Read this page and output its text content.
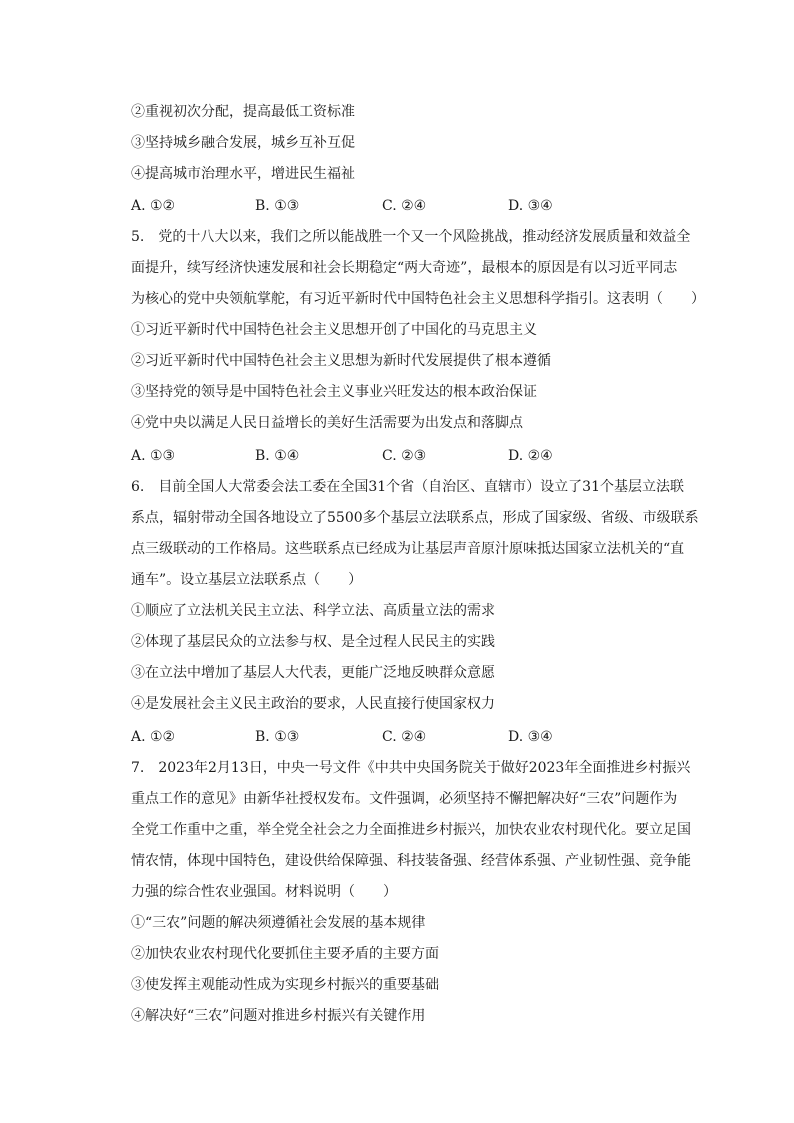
②重视初次分配，提高最低工资标准
③坚持城乡融合发展，城乡互补互促
④提高城市治理水平，增进民生福祉
A. ①②	B. ①③	C. ②④	D. ③④
5.　党的十八大以来，我们之所以能战胜一个又一个风险挑战，推动经济发展质量和效益全
面提升，续写经济快速发展和社会长期稳定“两大奇迹”，最根本的原因是有以习近平同志
为核心的党中央领航掌舵，有习近平新时代中国特色社会主义思想科学指引。这表明（　　）
①习近平新时代中国特色社会主义思想开创了中国化的马克思主义
②习近平新时代中国特色社会主义思想为新时代发展提供了根本遵循
③坚持党的领导是中国特色社会主义事业兴旺发达的根本政治保证
④党中央以满足人民日益增长的美好生活需要为出发点和落脚点
A. ①③	B. ①④	C. ②③	D. ②④
6.　目前全国人大常委会法工委在全国31个省（自治区、直辖市）设立了31个基层立法联
系点，辐射带动全国各地设立了5500多个基层立法联系点，形成了国家级、省级、市级联系
点三级联动的工作格局。这些联系点已经成为让基层声音原汁原味抵达国家立法机关的“直
通车”。设立基层立法联系点（　　）
①顺应了立法机关民主立法、科学立法、高质量立法的需求
②体现了基层民众的立法参与权、是全过程人民民主的实践
③在立法中增加了基层人大代表，更能广泛地反映群众意愿
④是发展社会主义民主政治的要求，人民直接行使国家权力
A. ①②	B. ①③	C. ②④	D. ③④
7.　2023年2月13日，中央一号文件《中共中央国务院关于做好2023年全面推进乡村振兴
重点工作的意见》由新华社授权发布。文件强调，必须坚持不懈把解决好“三农”问题作为
全党工作重中之重，举全党全社会之力全面推进乡村振兴，加快农业农村现代化。要立足国
情农情，体现中国特色，建设供给保障强、科技装备强、经营体系强、产业韧性强、竞争能
力强的综合性农业强国。材料说明（　　）
①“三农”问题的解决须遵循社会发展的基本规律
②加快农业农村现代化要抓住主要矛盾的主要方面
③使发挥主观能动性成为实现乡村振兴的重要基础
④解决好“三农”问题对推进乡村振兴有关键作用
